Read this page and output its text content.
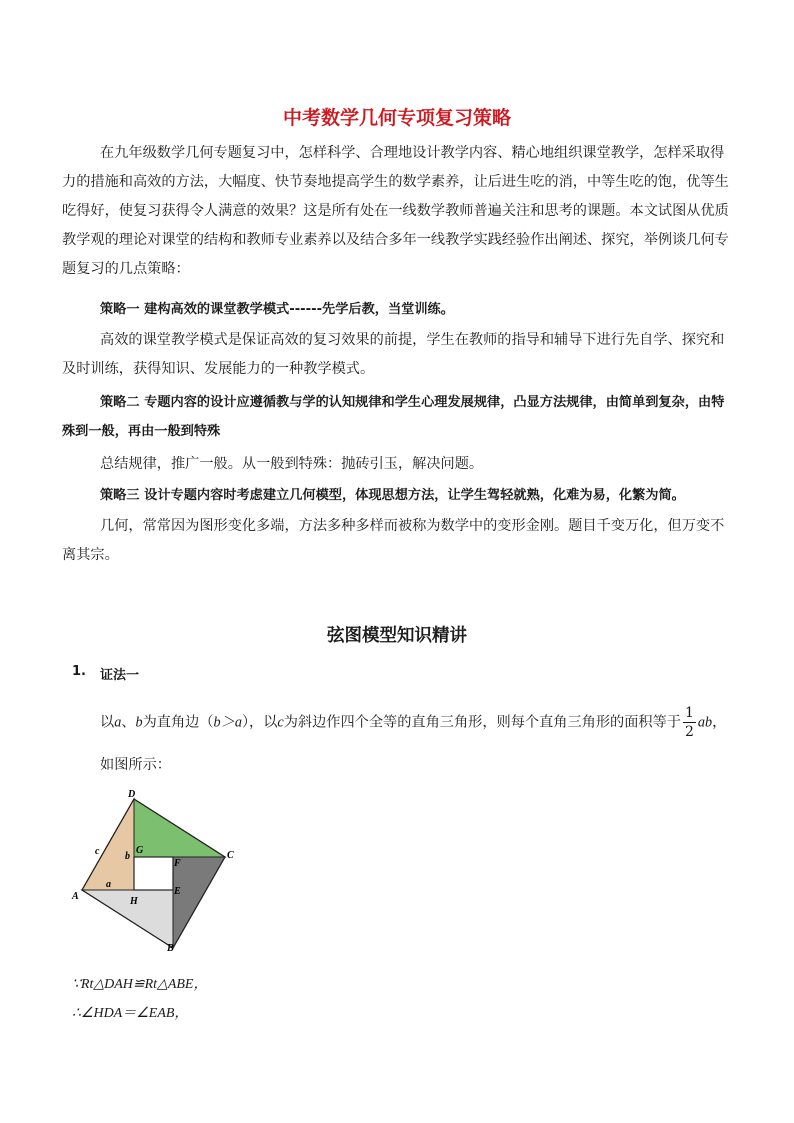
中考数学几何专项复习策略
在九年级数学几何专题复习中，怎样科学、合理地设计教学内容、精心地组织课堂教学，怎样采取得力的措施和高效的方法，大幅度、快节奏地提高学生的数学素养，让后进生吃的消，中等生吃的饱，优等生吃得好，使复习获得令人满意的效果？这是所有处在一线数学教师普遍关注和思考的课题。本文试图从优质教学观的理论对课堂的结构和教师专业素养以及结合多年一线教学实践经验作出阐述、探究，举例谈几何专题复习的几点策略：
策略一 建构高效的课堂教学模式------先学后教，当堂训练。
高效的课堂教学模式是保证高效的复习效果的前提，学生在教师的指导和辅导下进行先自学、探究和及时训练，获得知识、发展能力的一种教学模式。
策略二 专题内容的设计应遵循教与学的认知规律和学生心理发展规律，凸显方法规律，由简单到复杂，由特殊到一般，再由一般到特殊
总结规律，推广一般。从一般到特殊：抛砖引玉，解决问题。
策略三 设计专题内容时考虑建立几何模型，体现思想方法，让学生驾轻就熟，化难为易，化繁为简。
几何，常常因为图形变化多端，方法多种多样而被称为数学中的变形金刚。题目千变万化，但万变不离其宗。
弦图模型知识精讲
1. 证法一
以a、b为直角边（b＞a），以c为斜边作四个全等的直角三角形，则每个直角三角形的面积等于 $\frac{1}{2}$ ab，
如图所示：
D
C
A
B
G
F
E
H
c	b
a
∵Rt△DAH≌Rt△ABE，
∴∠HDA＝∠EAB，
